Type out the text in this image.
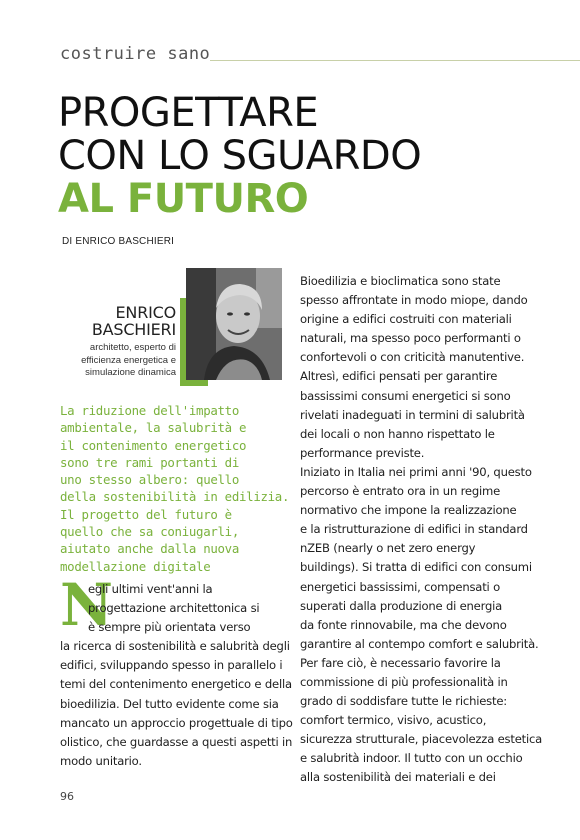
costruire sano

PROGETTARE
CON LO SGUARDO
AL FUTURO

DI ENRICO BASCHIERI

ENRICO
BASCHIERI

architetto, esperto di
efficienza energetica e
simulazione dinamica

La riduzione dell'impatto
ambientale, la salubrità e
il contenimento energetico
sono tre rami portanti di
uno stesso albero: quello
della sostenibilità in edilizia.
Il progetto del futuro è
quello che sa coniugarli,
aiutato anche dalla nuova
modellazione digitale

N

egli ultimi vent'anni la
progettazione architettonica si
è sempre più orientata verso
la ricerca di sostenibilità e salubrità degli
edifici, sviluppando spesso in parallelo i
temi del contenimento energetico e della
bioedilizia. Del tutto evidente come sia
mancato un approccio progettuale di tipo
olistico, che guardasse a questi aspetti in
modo unitario.

Bioedilizia e bioclimatica sono state
spesso affrontate in modo miope, dando
origine a edifici costruiti con materiali
naturali, ma spesso poco performanti o
confortevoli o con criticità manutentive.
Altresì, edifici pensati per garantire
bassissimi consumi energetici si sono
rivelati inadeguati in termini di salubrità
dei locali o non hanno rispettato le
performance previste.
Iniziato in Italia nei primi anni '90, questo
percorso è entrato ora in un regime
normativo che impone la realizzazione
e la ristrutturazione di edifici in standard
nZEB (nearly o net zero energy
buildings). Si tratta di edifici con consumi
energetici bassissimi, compensati o
superati dalla produzione di energia
da fonte rinnovabile, ma che devono
garantire al contempo comfort e salubrità.
Per fare ciò, è necessario favorire la
commissione di più professionalità in
grado di soddisfare tutte le richieste:
comfort termico, visivo, acustico,
sicurezza strutturale, piacevolezza estetica
e salubrità indoor. Il tutto con un occhio
alla sostenibilità dei materiali e dei

96
